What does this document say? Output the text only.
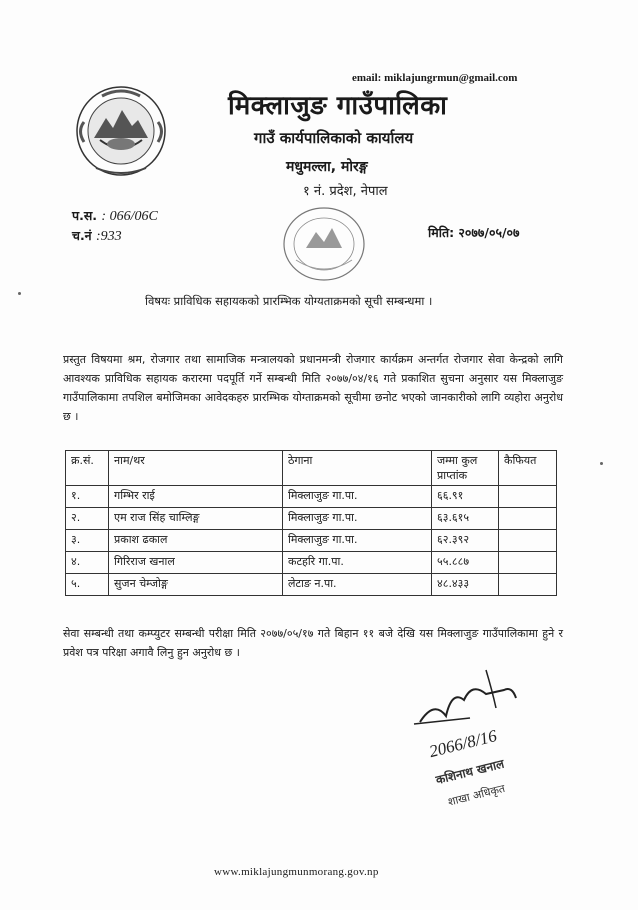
email: miklajungrmun@gmail.com
मिक्लाजुङ गाउँपालिका
गाउँ कार्यपालिकाको कार्यालय
मधुमल्ला, मोरङ्ग
१ नं. प्रदेश, नेपाल
प.स. : 066/06C
च.नं :933	मिति: २०७७/०५/०७
विषयः प्राविधिक सहायकको प्रारम्भिक योग्यताक्रमको सूची सम्बन्धमा ।
प्रस्तुत विषयमा श्रम, रोजगार तथा सामाजिक मन्त्रालयको प्रधानमन्त्री रोजगार कार्यक्रम अन्तर्गत रोजगार सेवा केन्द्रको लागि आवश्यक प्राविधिक सहायक करारमा पदपूर्ति गर्ने सम्बन्धी मिति २०७७/०४/१६ गते प्रकाशित सुचना अनुसार यस मिक्लाजुङ गाउँपालिकामा तपशिल बमोजिमका आवेदकहरु प्रारम्भिक योग्ताक्रमको सूचीमा छनोट भएको जानकारीको लागि व्यहोरा अनुरोध छ ।
क्र.सं.	नाम/थर	ठेगाना	जम्मा कुल प्राप्तांक	कैफियत
१.	गम्भिर राई	मिक्लाजुङ गा.पा.	६६.९१	
२.	एम राज सिंह चाम्लिङ्ग	मिक्लाजुङ गा.पा.	६३.६१५	
३.	प्रकाश ढकाल	मिक्लाजुङ गा.पा.	६२.३९२	
४.	गिरिराज खनाल	कटहरि गा.पा.	५५.८८७	
५.	सुजन चेम्जोङ्ग	लेटाङ न.पा.	४८.४३३	
सेवा सम्बन्धी तथा कम्प्युटर सम्बन्धी परीक्षा मिति २०७७/०५/१७ गते बिहान ११ बजे देखि यस मिक्लाजुङ गाउँपालिकामा हुने र प्रवेश पत्र परिक्षा अगावै लिनु हुन अनुरोध छ ।
2066/8/16
कशिनाथ खनाल
शाखा अधिकृत
www.miklajungmunmorang.gov.np
